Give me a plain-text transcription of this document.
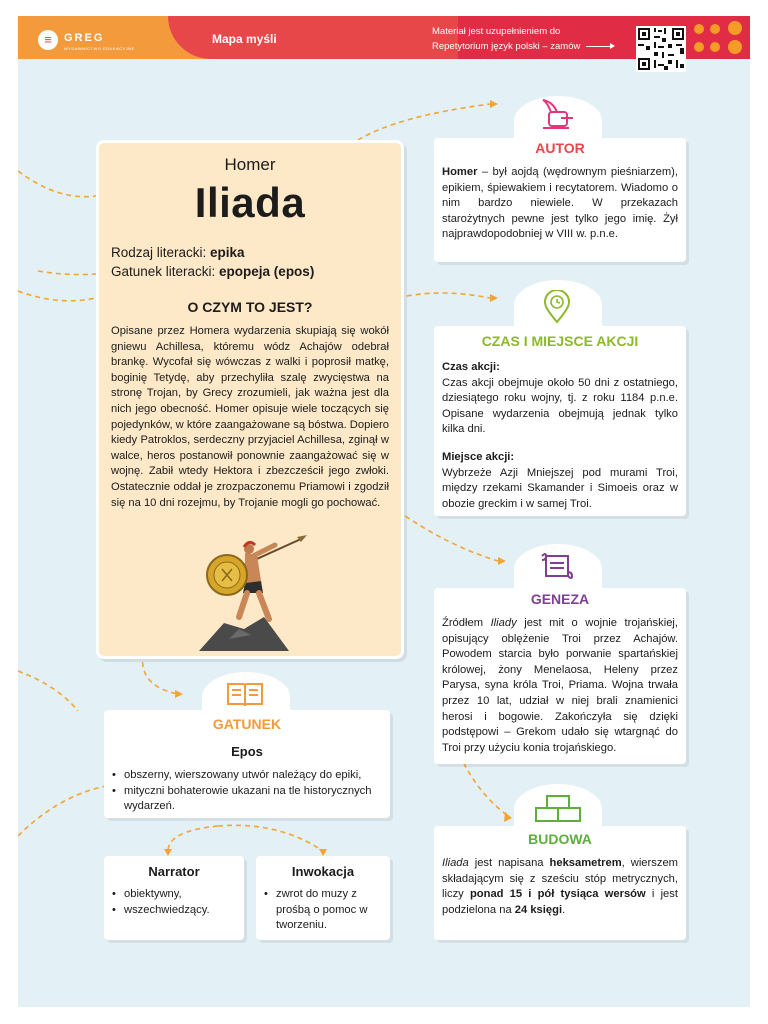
≡	GREG
WYDAWNICTWO EDUKACYJNE
Mapa myśli
Materiał jest uzupełnieniem do
Repetytorium język polski – zamów
Homer
Iliada
Rodzaj literacki: epika
Gatunek literacki: epopeja (epos)
O CZYM TO JEST?
Opisane przez Homera wydarzenia skupiają się wokół gniewu Achillesa, któremu wódz Achajów odebrał brankę. Wycofał się wówczas z walki i poprosił matkę, boginię Tetydę, aby przechyliła szalę zwycięstwa na stronę Trojan, by Grecy zrozumieli, jak ważna jest dla nich jego obecność. Homer opisuje wiele toczących się pojedynków, w które zaangażowane są bóstwa. Dopiero kiedy Patroklos, serdeczny przyjaciel Achillesa, zginął w walce, heros postanowił ponownie zaangażować się w wojnę. Zabił wtedy Hektora i zbezcześcił jego zwłoki. Ostatecznie oddał je zrozpaczonemu Priamowi i zgodził się na 10 dni rozejmu, by Trojanie mogli go pochować.
AUTOR
Homer – był aojdą (wędrownym pieśniarzem), epikiem, śpiewakiem i recytatorem. Wiadomo o nim bardzo niewiele. W przekazach starożytnych pewne jest tylko jego imię. Żył najprawdopodobniej w VIII w. p.n.e.
CZAS I MIEJSCE AKCJI
Czas akcji:
Czas akcji obejmuje około 50 dni z ostatniego, dziesiątego roku wojny, tj. z roku 1184 p.n.e. Opisane wydarzenia obejmują jednak tylko kilka dni.
Miejsce akcji:
Wybrzeże Azji Mniejszej pod murami Troi, między rzekami Skamander i Simoeis oraz w obozie greckim i w samej Troi.
GENEZA
Źródłem Iliady jest mit o wojnie trojańskiej, opisujący oblężenie Troi przez Achajów. Powodem starcia było porwanie spartańskiej królowej, żony Menelaosa, Heleny przez Parysa, syna króla Troi, Priama. Wojna trwała przez 10 lat, udział w niej brali znamienici herosi i bogowie. Zakończyła się dzięki podstępowi – Grekom udało się wtargnąć do Troi przy użyciu konia trojańskiego.
BUDOWA
Iliada jest napisana heksametrem, wierszem składającym się z sześciu stóp metrycznych, liczy ponad 15 i pół tysiąca wersów i jest podzielona na 24 księgi.
GATUNEK
Epos
• obszerny, wierszowany utwór należący do epiki,
• mityczni bohaterowie ukazani na tle historycznych wydarzeń.
Narrator
• obiektywny,
• wszechwiedzący.
Inwokacja
• zwrot do muzy z prośbą o pomoc w tworzeniu.
